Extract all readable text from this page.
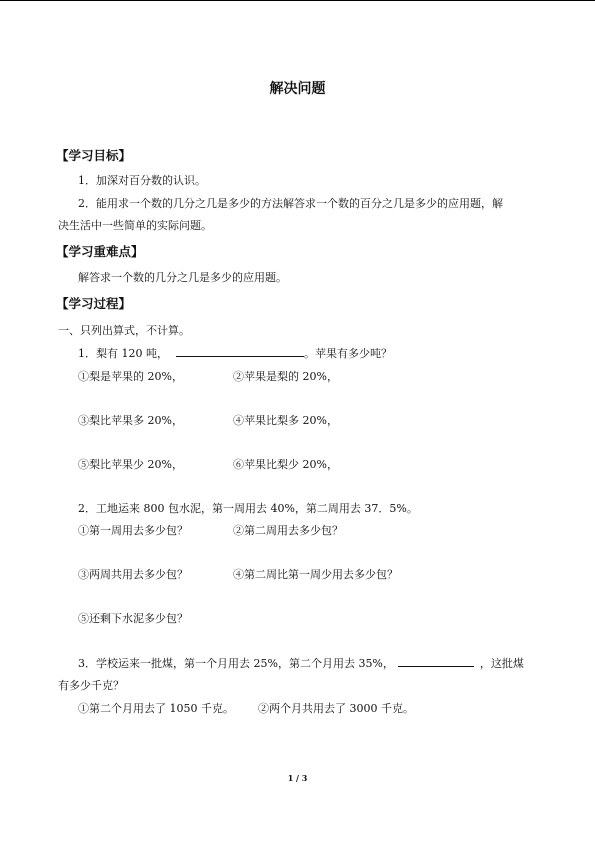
解决问题
【学习目标】
1．加深对百分数的认识。
2．能用求一个数的几分之几是多少的方法解答求一个数的百分之几是多少的应用题，解
决生活中一些简单的实际问题。
【学习重难点】
解答求一个数的几分之几是多少的应用题。
【学习过程】
一、只列出算式，不计算。
1．梨有 120 吨，	。苹果有多少吨？
①梨是苹果的 20%，	②苹果是梨的 20%，
③梨比苹果多 20%，	④苹果比梨多 20%，
⑤梨比苹果少 20%，	⑥苹果比梨少 20%，
2．工地运来 800 包水泥，第一周用去 40%，第二周用去 37．5%。
①第一周用去多少包？	②第二周用去多少包？
③两周共用去多少包？	④第二周比第一周少用去多少包？
⑤还剩下水泥多少包？
3．学校运来一批煤，第一个月用去 25%，第二个月用去 35%，	，这批煤
有多少千克？
①第二个月用去了 1050 千克。 ②两个月共用去了 3000 千克。
1 / 3
